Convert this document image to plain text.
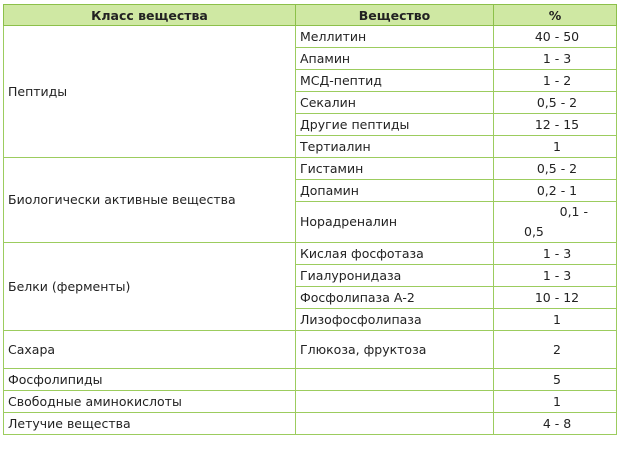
Класс вещества	Вещество	%
Пептиды	Меллитин	40 - 50
	Апамин	1 - 3
	МСД-пептид	1 - 2
	Секалин	0,5 - 2
	Другие пептиды	12 - 15
	Тертиалин	1
Биологически активные вещества	Гистамин	0,5 - 2
	Допамин	0,2 - 1
	Норадреналин	0,1 -
0,5

Белки (ферменты)	Кислая фосфотаза	1 - 3
	Гиалуронидаза	1 - 3
	Фосфолипаза А-2	10 - 12
	Лизофосфолипаза	1
Сахара	Глюкоза, фруктоза	2
Фосфолипиды		5
Свободные аминокислоты		1
Летучие вещества		4 - 8
